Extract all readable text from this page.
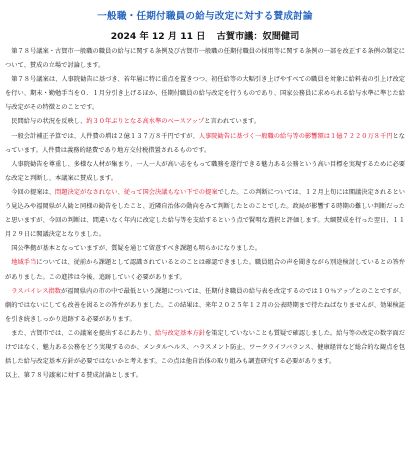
一般職・任期付職員の給与改定に対する賛成討論
2024 年 12 月 11 日 古賀市議：奴間健司

　第７８号議案・古賀市一般職の職員の給与に関する条例及び古賀市一般職の任期付職員の採用等に関する条例の一部を改正する条例の制定について、賛成の立場で討論します。

　第７８号議案は、人事院勧告に基づき、若年層に特に重点を置きつつ、初任給等の大幅引き上げやすべての職員を対象に給料表の引上げ改定を行い、期末・勤勉手当を０．１月分引き上げるほか、任期付職員の給与改定を行うものであり、国家公務員に求められる給与水準に準じた給与改定がその特徴とのことです。

　民間給与の状況を反映し、約３０年ぶりとなる高水準のベースアップと言われています。

　一般会計補正予算では、人件費の増は２億１３７万８千円ですが、人事院勧告に基づく一般職の給与等の影響額は１億７２２０万８千円となっています。人件費は義務的経費であり地方交付税措置されるものです。

　人事院勧告を尊重し、多様な人材が集まり、一人一人が高い志をもって職務を遂行できる魅力ある公務という高い目標を実現するために必要な改定と判断し、本議案に賛成します。

　今回の提案は、問題決定がなされない、従って国会決議もない下での提案でした。この判断については、１２月上旬には閣議決定されるという見込みや福岡県が人勧と同様の勧告をしたこと、近隣自治体の動向をみて判断したとのことでした。政局が影響する時期の難しい判断だったと思いますが、今回の判断は、間違いなく年内に改定した給与等を支給するという点で賢明な選択と評価します。大綱賛成を行った翌日、１１月２９日に閣議決定となりました。

　国公準拠が基本となっていますが、質疑を通じて留意すべき課題も明らかになりました。

　地域手当については、従前から課題として認識されているとのことは確認できました。職員組合の声を聞きながら別途検討しているとの答弁がありました。この進捗は今後、追跡していく必要があります。

　ラスパイレス指数が福岡県内の市の中で最低という課題については、任期付き職員の給与表を改定するのでは１０％アップとのことですが、劇的ではないにしても改善を図るとの答弁がありました。この結果は、来年２０２５年１２月の公表時期まで待たねばなりませんが、効果検証を引き続きしっかり追跡する必要があります。

　また、古賀市では、この議案を提出するにあたり、給与改定基本方針を策定していないことも質疑で確認しました。給与等の改定の数字面だけではなく、魅力ある公務をどう実現するのか、メンタルヘルス、ハラスメント防止、ワークライフバランス、健康経営など総合的な観点を包括した給与改定基本方針が必要ではないかと考えます。この点は他自治体の取り組みも調査研究する必要があります。

以上、第７８号議案に対する賛成討論とします。
